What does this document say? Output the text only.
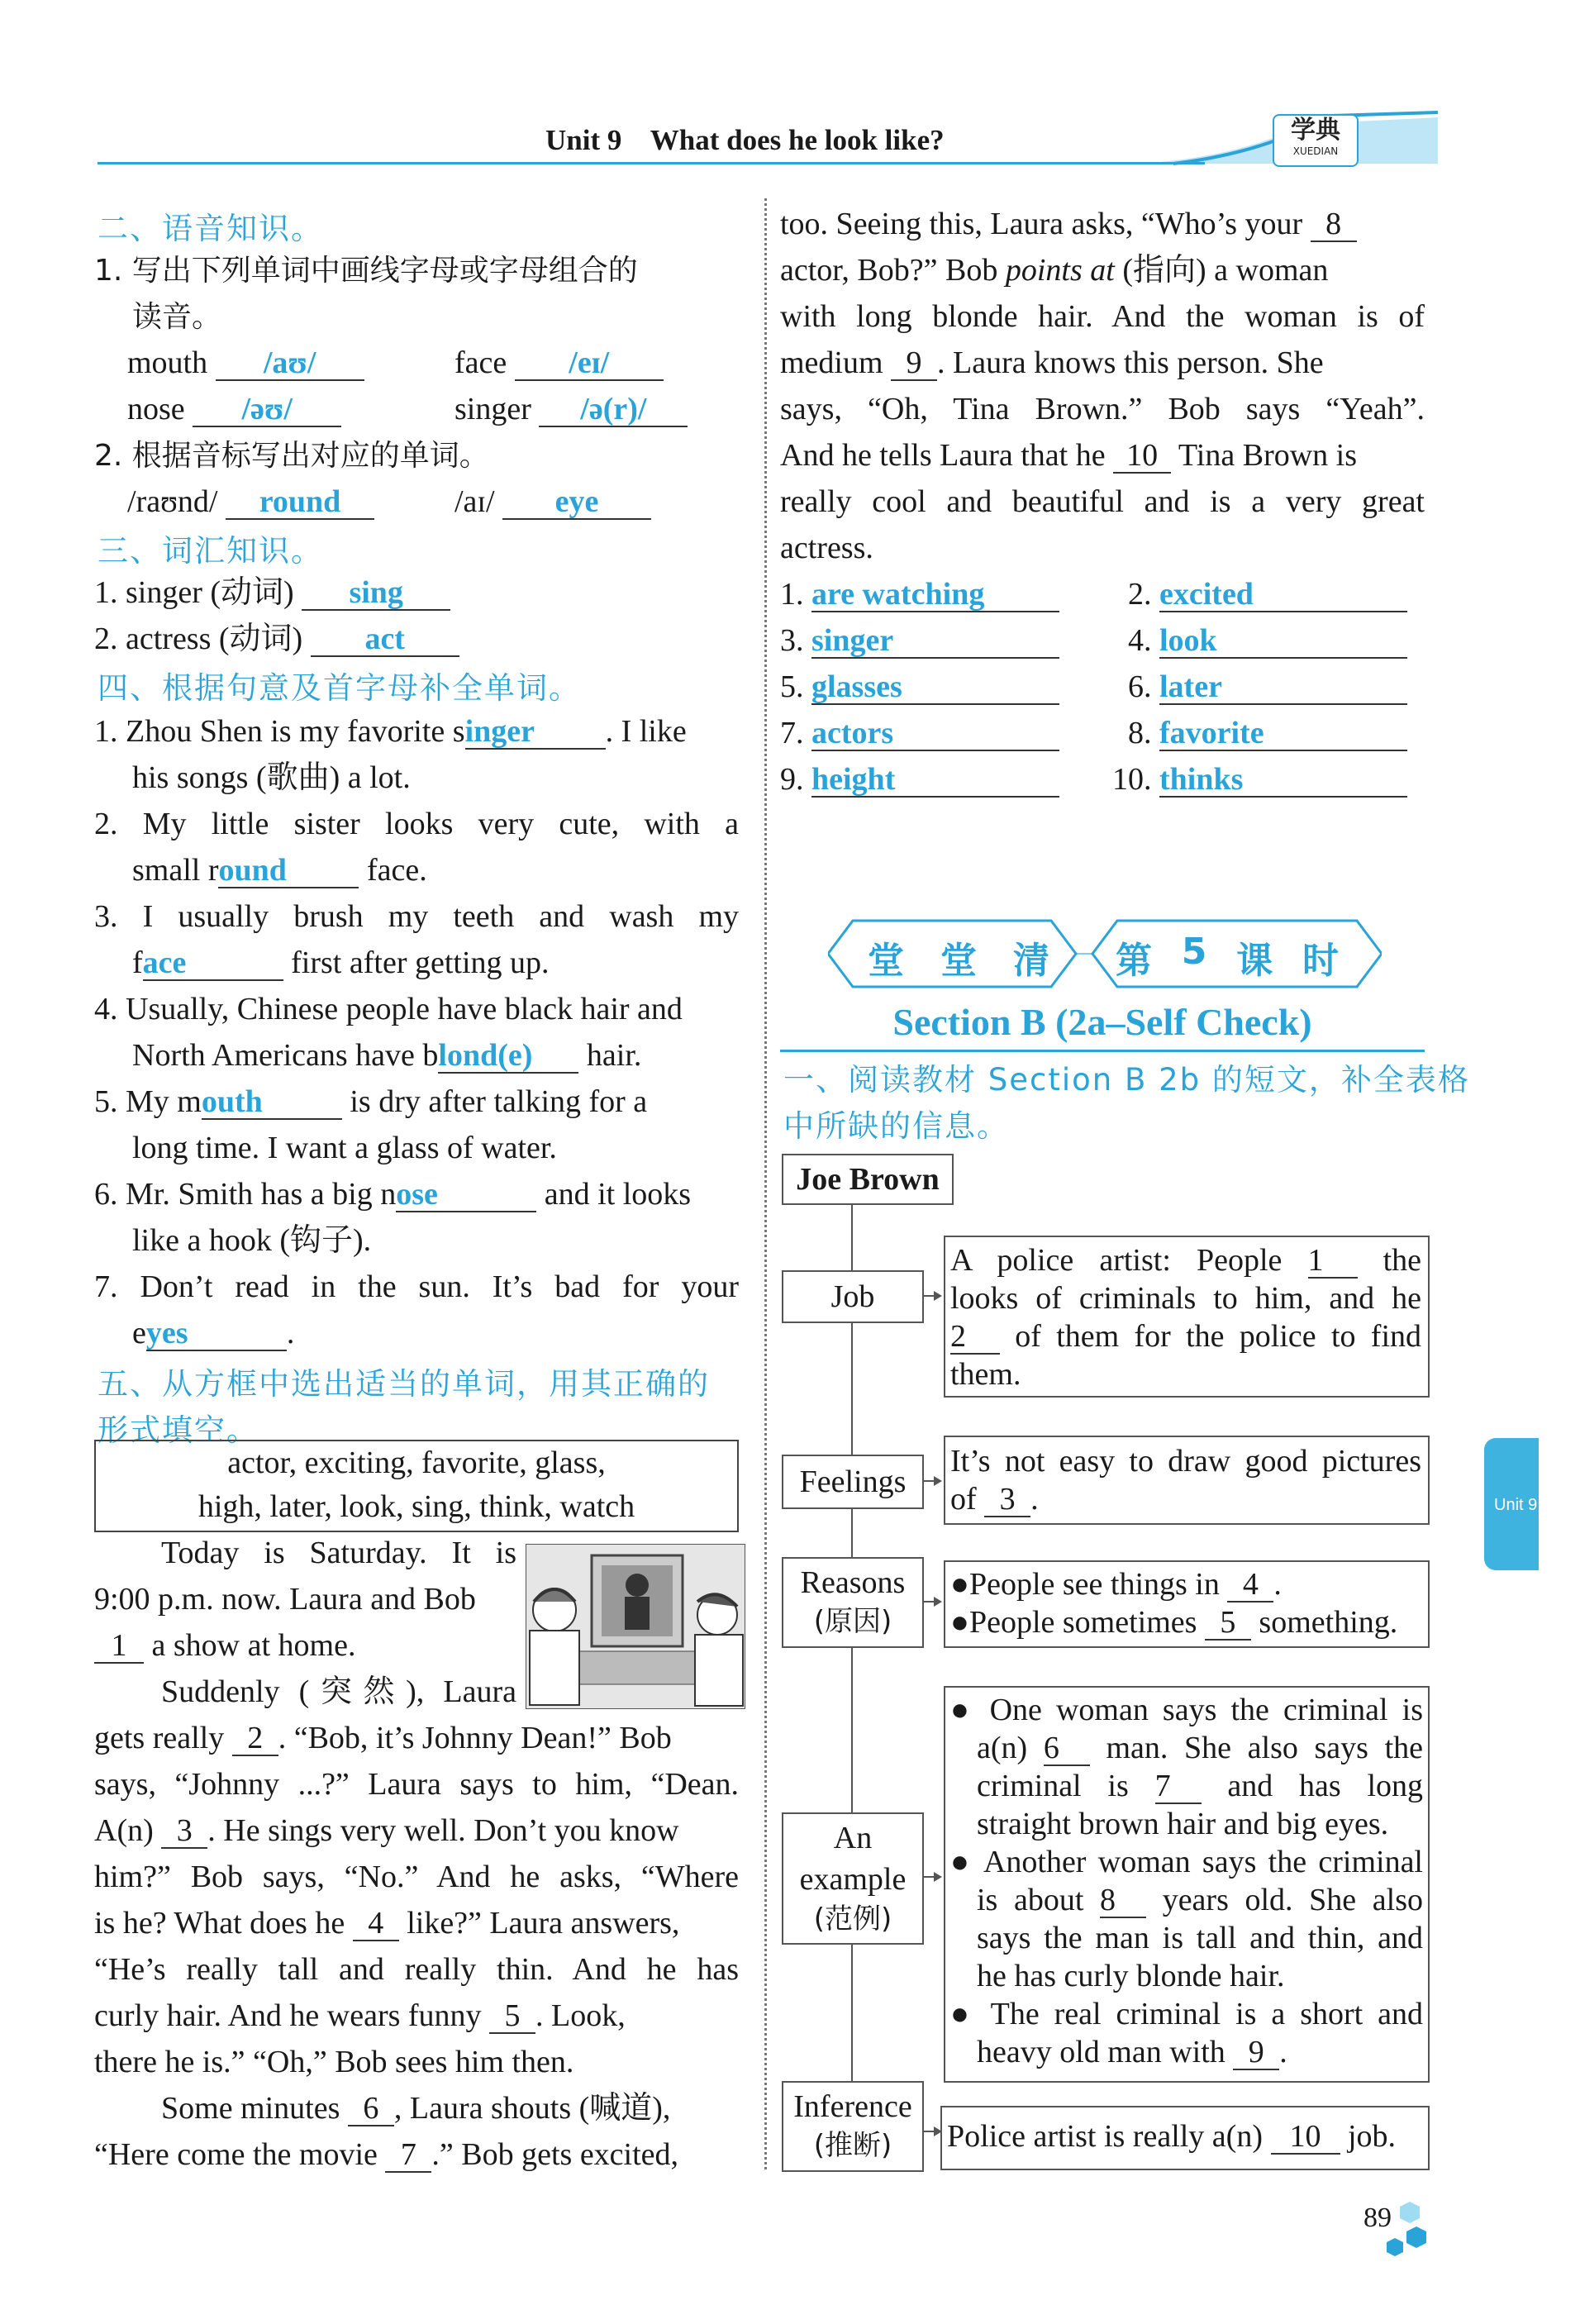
Unit 9    What does he look like?	学典
XUEDIAN
Unit 9
二、语音知识。
1. 写出下列单词中画线字母或字母组合的
读音。
mouth /aʊ/	face /eɪ/
nose /əʊ/	singer /ə(r)/
2. 根据音标写出对应的单词。
/raʊnd/ round	/aɪ/ eye
三、词汇知识。
1. singer (动词) sing
2. actress (动词) act
四、根据句意及首字母补全单词。
1. Zhou Shen is my favorite singer . I like
his songs (歌曲) a lot.
2. My little sister looks very cute, with a
small round	face.
3. I usually brush my teeth and wash my
face	first after getting up.
4. Usually, Chinese people have black hair and
North Americans have blond(e) hair.
5. My mouth	is dry after talking for a
long time. I want a glass of water.
6. Mr. Smith has a big nose	and it looks
like a hook (钩子).
7. Don’t read in the sun. It’s bad for your
eyes	.
五、从方框中选出适当的单词，用其正确的
形式填空。
actor, exciting, favorite, glass,
high, later, look, sing, think, watch
Today is Saturday. It is
9:00 p.m. now. Laura and Bob
1 a show at home.
Suddenly (突然), Laura
gets really 2 . “Bob, it’s Johnny Dean!” Bob
says, “Johnny ...?” Laura says to him, “Dean.
A(n) 3 . He sings very well. Don’t you know
him?” Bob says, “No.” And he asks, “Where
is he? What does he 4 like?” Laura answers,
“He’s really tall and really thin. And he has
curly hair. And he wears funny 5 . Look,
there he is.” “Oh,” Bob sees him then.
Some minutes 6 , Laura shouts (喊道),
“Here come the movie 7 .” Bob gets excited,
too. Seeing this, Laura asks, “Who’s your 8
actor, Bob?” Bob points at (指向) a woman
with long blonde hair. And the woman is of
medium 9 . Laura knows this person. She
says, “Oh, Tina Brown.” Bob says “Yeah”.
And he tells Laura that he 10 Tina Brown is
really cool and beautiful and is a very great
actress.
1. are watching	2. excited
3. singer	4. look
5. glasses	6. later
7. actors	8. favorite
9. height	10. thinks
堂 堂 清 第 5 课 时
Section B (2a–Self Check)
一、阅读教材 Section B 2b 的短文，补全表格
中所缺的信息。
Joe Brown
Job
A police artist: People 1 the
looks of criminals to him, and he
2 of them for the police to find
them.
Feelings
It’s not easy to draw good pictures
of 3 .
Reasons
(原因)
●People see things in 4 .
●People sometimes 5 something.
An
example
(范例)
● One woman says the criminal is
a(n) 6 man. She also says the
criminal is 7 and has long
straight brown hair and big eyes.
● Another woman says the criminal
is about 8 years old. She also
says the man is tall and thin, and
he has curly blonde hair.
● The real criminal is a short and
heavy old man with 9 .
Inference
(推断)	Police artist is really a(n) 10 job.
89
